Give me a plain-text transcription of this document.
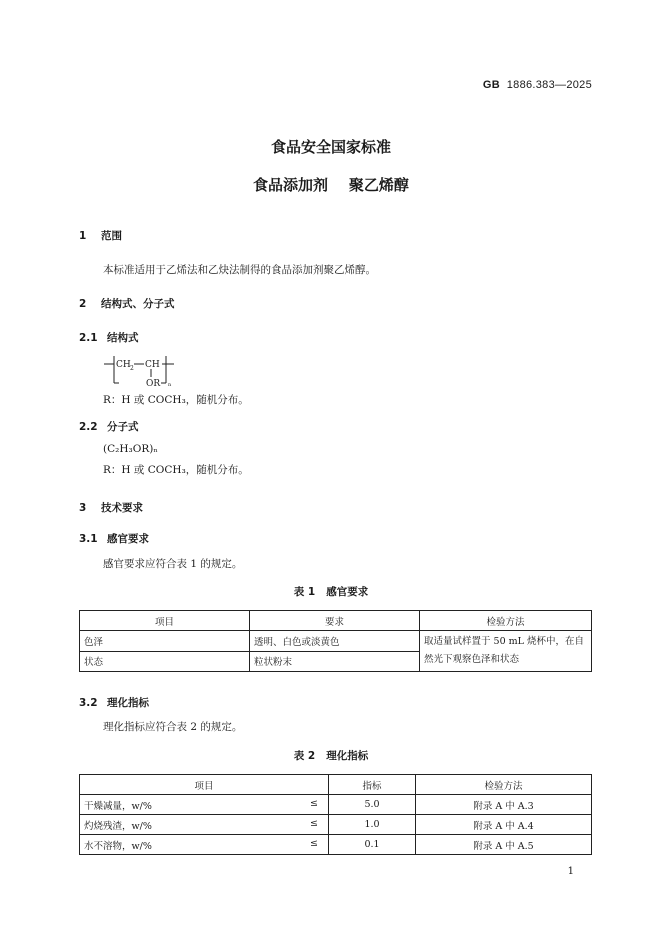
GB 1886.383—2025
食品安全国家标准
食品添加剂    聚乙烯醇
1 范围
本标准适用于乙烯法和乙炔法制得的食品添加剂聚乙烯醇。
2 结构式、分子式
2.1 结构式
CH 2 CH
OR n
R：H 或 COCH₃，随机分布。
2.2 分子式
(C₂H₃OR)ₙ
R：H 或 COCH₃，随机分布。
3 技术要求
3.1 感官要求
感官要求应符合表 1 的规定。
表 1   感官要求
项目	要求	检验方法
色泽	透明、白色或淡黄色	取适量试样置于 50 mL 烧杯中，在自然光下观察色泽和状态
状态	粒状粉末	
3.2 理化指标
理化指标应符合表 2 的规定。
表 2   理化指标
项目	指标	检验方法
干燥减量，w/% ≤	5.0	附录 A 中 A.3
灼烧残渣，w/% ≤	1.0	附录 A 中 A.4
水不溶物，w/% ≤	0.1	附录 A 中 A.5
1
